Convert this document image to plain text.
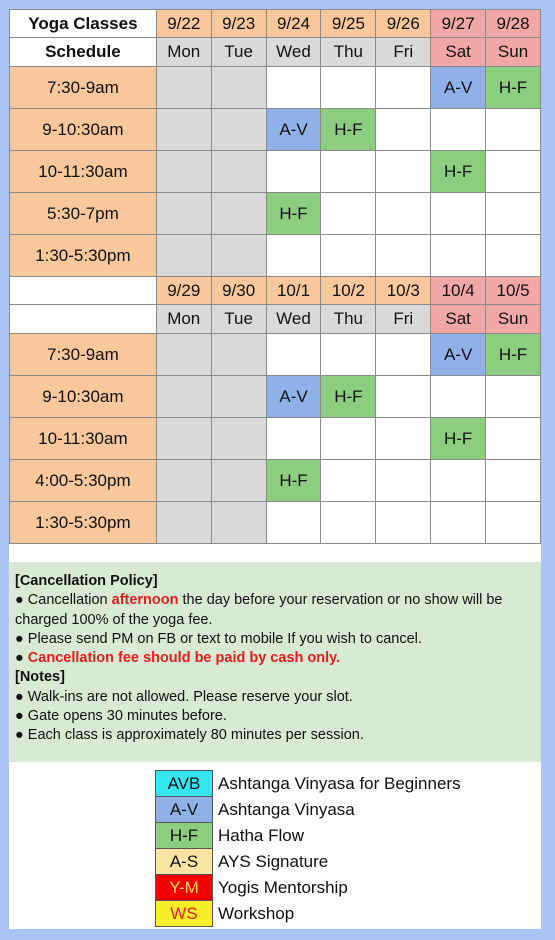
Yoga Classes	9/22	9/23	9/24	9/25	9/26	9/27	9/28
Schedule	Mon	Tue	Wed	Thu	Fri	Sat	Sun
7:30-9am						A-V	H-F
9-10:30am			A-V	H-F			
10-11:30am						H-F	
5:30-7pm			H-F				
1:30-5:30pm							
	9/29	9/30	10/1	10/2	10/3	10/4	10/5
	Mon	Tue	Wed	Thu	Fri	Sat	Sun
7:30-9am						A-V	H-F
9-10:30am			A-V	H-F			
10-11:30am						H-F	
4:00-5:30pm			H-F				
1:30-5:30pm							
[Cancellation Policy]
● Cancellation afternoon the day before your reservation or no show will be charged 100% of the yoga fee.
● Please send PM on FB or text to mobile If you wish to cancel.
● Cancellation fee should be paid by cash only.
[Notes]
● Walk-ins are not allowed. Please reserve your slot.
● Gate opens 30 minutes before.
● Each class is approximately 80 minutes per session.
AVB	Ashtanga Vinyasa for Beginners
A-V	Ashtanga Vinyasa
H-F	Hatha Flow
A-S	AYS Signature
Y-M	Yogis Mentorship
WS	Workshop
